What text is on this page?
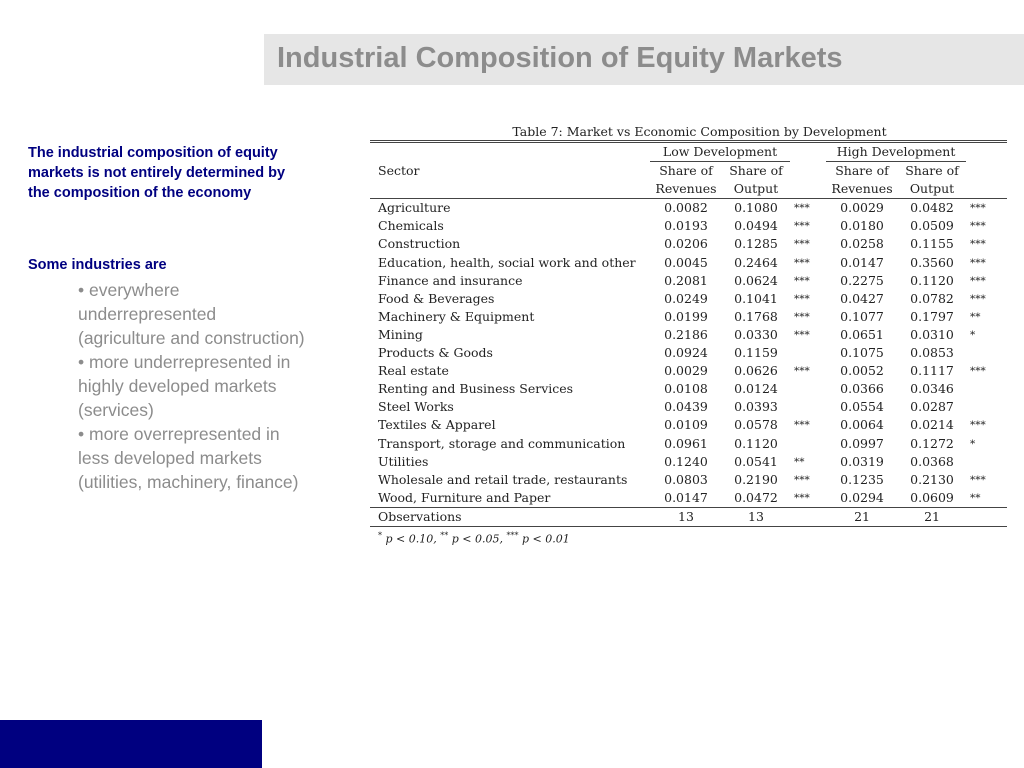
Industrial Composition of Equity Markets
The industrial composition of equity
markets is not entirely determined by
the composition of the economy
Some industries are
• everywhere
underrepresented
(agriculture and construction)
• more underrepresented in
highly developed markets
(services)
• more overrepresented in
less developed markets
(utilities, machinery, finance)
Table 7: Market vs Economic Composition by Development
	Low Development			High Development		
Sector	Share of	Share of		Share of	Share of	
	Revenues	Output		Revenues	Output	
Agriculture	0.0082	0.1080	***	0.0029	0.0482	***
Chemicals	0.0193	0.0494	***	0.0180	0.0509	***
Construction	0.0206	0.1285	***	0.0258	0.1155	***
Education, health, social work and other	0.0045	0.2464	***	0.0147	0.3560	***
Finance and insurance	0.2081	0.0624	***	0.2275	0.1120	***
Food & Beverages	0.0249	0.1041	***	0.0427	0.0782	***
Machinery & Equipment	0.0199	0.1768	***	0.1077	0.1797	**
Mining	0.2186	0.0330	***	0.0651	0.0310	*
Products & Goods	0.0924	0.1159		0.1075	0.0853	
Real estate	0.0029	0.0626	***	0.0052	0.1117	***
Renting and Business Services	0.0108	0.0124		0.0366	0.0346	
Steel Works	0.0439	0.0393		0.0554	0.0287	
Textiles & Apparel	0.0109	0.0578	***	0.0064	0.0214	***
Transport, storage and communication	0.0961	0.1120		0.0997	0.1272	*
Utilities	0.1240	0.0541	**	0.0319	0.0368	
Wholesale and retail trade, restaurants	0.0803	0.2190	***	0.1235	0.2130	***
Wood, Furniture and Paper	0.0147	0.0472	***	0.0294	0.0609	**
Observations	13	13		21	21	
* p < 0.10, ** p < 0.05, *** p < 0.01
